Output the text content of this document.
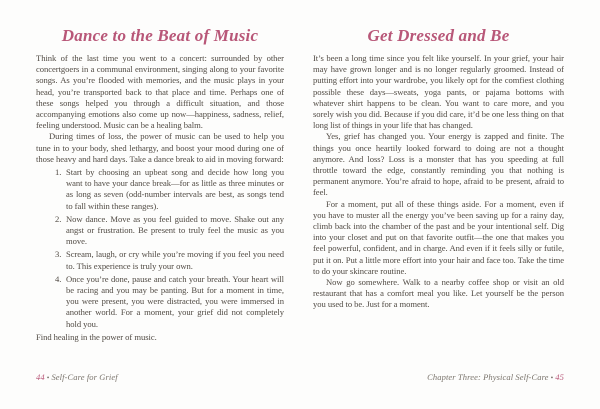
Dance to the Beat of Music

Think of the last time you went to a concert: surrounded by other concertgoers in a communal environment, singing along to your favorite songs. As you’re flooded with memories, and the music plays in your head, you’re transported back to that place and time. Perhaps one of these songs helped you through a difficult situation, and those accompanying emotions also come up now—happiness, sadness, relief, feeling understood. Music can be a healing balm.

During times of loss, the power of music can be used to help you tune in to your body, shed lethargy, and boost your mood during one of those heavy and hard days. Take a dance break to aid in moving forward:

1. Start by choosing an upbeat song and decide how long you want to have your dance break—for as little as three minutes or as long as seven (odd-number intervals are best, as songs tend to fall within these ranges).
2. Now dance. Move as you feel guided to move. Shake out any angst or frustration. Be present to truly feel the music as you move.
3. Scream, laugh, or cry while you’re moving if you feel you need to. This experience is truly your own.
4. Once you’re done, pause and catch your breath. Your heart will be racing and you may be panting. But for a moment in time, you were present, you were distracted, you were immersed in another world. For a moment, your grief did not completely hold you.

Find healing in the power of music.

44 • Self-Care for Grief
Get Dressed and Be

It’s been a long time since you felt like yourself. In your grief, your hair may have grown longer and is no longer regularly groomed. Instead of putting effort into your wardrobe, you likely opt for the comfiest clothing possible these days—sweats, yoga pants, or pajama bottoms with whatever shirt happens to be clean. You want to care more, and you sorely wish you did. Because if you did care, it’d be one less thing on that long list of things in your life that has changed.

Yes, grief has changed you. Your energy is zapped and finite. The things you once heartily looked forward to doing are not a thought anymore. And loss? Loss is a monster that has you speeding at full throttle toward the edge, constantly reminding you that nothing is permanent anymore. You’re afraid to hope, afraid to be present, afraid to feel.

For a moment, put all of these things aside. For a moment, even if you have to muster all the energy you’ve been saving up for a rainy day, climb back into the chamber of the past and be your intentional self. Dig into your closet and put on that favorite outfit—the one that makes you feel powerful, confident, and in charge. And even if it feels silly or futile, put it on. Put a little more effort into your hair and face too. Take the time to do your skincare routine.

Now go somewhere. Walk to a nearby coffee shop or visit an old restaurant that has a comfort meal you like. Let yourself be the person you used to be. Just for a moment.

Chapter Three: Physical Self-Care • 45
